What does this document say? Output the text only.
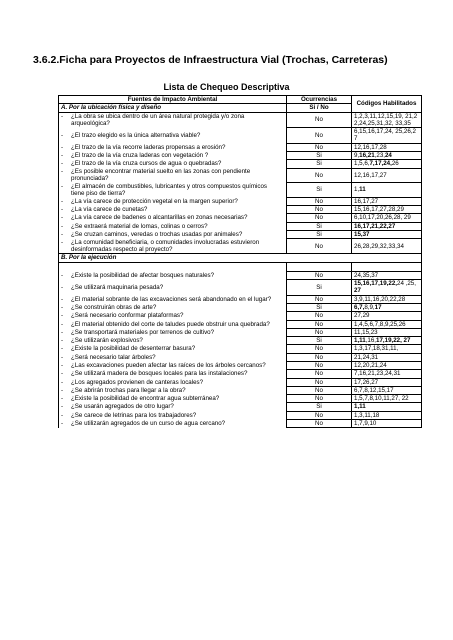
3.6.2.Ficha para Proyectos de Infraestructura Vial (Trochas, Carreteras)
Lista de Chequeo Descriptiva
Fuentes de Impacto Ambiental	Ocurrencias	Códigos Habilitados
A. Por la ubicación física y diseño	Si / No	
- ¿La obra se ubica dentro de un área natural protegida y/o zona arqueológica?	No	1,2,3,11,12,15,19, 21,22,24,25,31,32, 33,35
- ¿El trazo elegido es la única alternativa viable?	No	6,15,16,17,24, 25,26,27
- ¿El trazo de la vía recorre laderas propensas a erosión?	No	12,16,17,28
- ¿El trazo de la vía cruza laderas con vegetación ?	Si	9,16,21,23,24
- ¿El trazo de la vía cruza cursos de agua o quebradas?	Si	1,5,6,7,17,24,26
- ¿Es posible encontrar material suelto en las zonas con pendiente pronunciada?	No	12,16,17,27
- ¿El almacén de combustibles, lubricantes y otros compuestos químicos tiene piso de tierra?	Si	1,11
- ¿La vía carece de protección vegetal en la margen superior?	No	16,17,27
- ¿La vía carece de cunetas?	No	15,16,17,27,28,29
- ¿La vía carece de badenes o alcantarillas en zonas necesarias?	No	6,10,17,20,26,28, 29
- ¿Se extraerá material de lomas, colinas o cerros?	Si	16,17,21,22,27
- ¿Se cruzan caminos, veredas o trochas usadas por animales?	Si	15,37
- ¿La comunidad beneficiaria, o comunidades involucradas estuvieron desinformadas respecto al proyecto?	No	26,28,29,32,33,34
B. Por la ejecución		

- ¿Existe la posibilidad de afectar bosques naturales?	No	24,35,37
- ¿Se utilizará maquinaria pesada?	Si	15,16,17,19,22,24 ,25,27
- ¿El material sobrante de las excavaciones será abandonado en el lugar?	No	3,9,11,16,20,22,28
- ¿Se construirán obras de arte?	Si	6,7,8,9,17
- ¿Será necesario conformar plataformas?	No	27,29
- ¿El material obtenido del corte de taludes puede obstruir una quebrada?	No	1,4,5,6,7,8,9,25,26
- ¿Se transportará materiales por terrenos de cultivo?	No	11,15,23
- ¿Se utilizarán explosivos?	Si	1,11,16,17,19,22, 27
- ¿Existe la posibilidad de desenterrar basura?	No	1,3,17,18,31,11,
- ¿Será necesario talar árboles?	No	21,24,31
- ¿Las excavaciones pueden afectar las raíces de los árboles cercanos?	No	12,20,21,24
- ¿Se utilizará madera de bosques locales para las instalaciones?	No	7,16,21,23,24,31
- ¿Los agregados provienen de canteras locales?	No	17,26,27
- ¿Se abrirán trochas para llegar a la obra?	No	6,7,8,12,15,17
- ¿Existe la posibilidad de encontrar agua subterránea?	No	1,5,7,8,10,11,27, 22
- ¿Se usarán agregados de otro lugar?	Si	1,11
- ¿Se carece de letrinas para los trabajadores?	No	1,3,11,18
- ¿Se utilizarán agregados de un curso de agua cercano?	No	1,7,9,10
